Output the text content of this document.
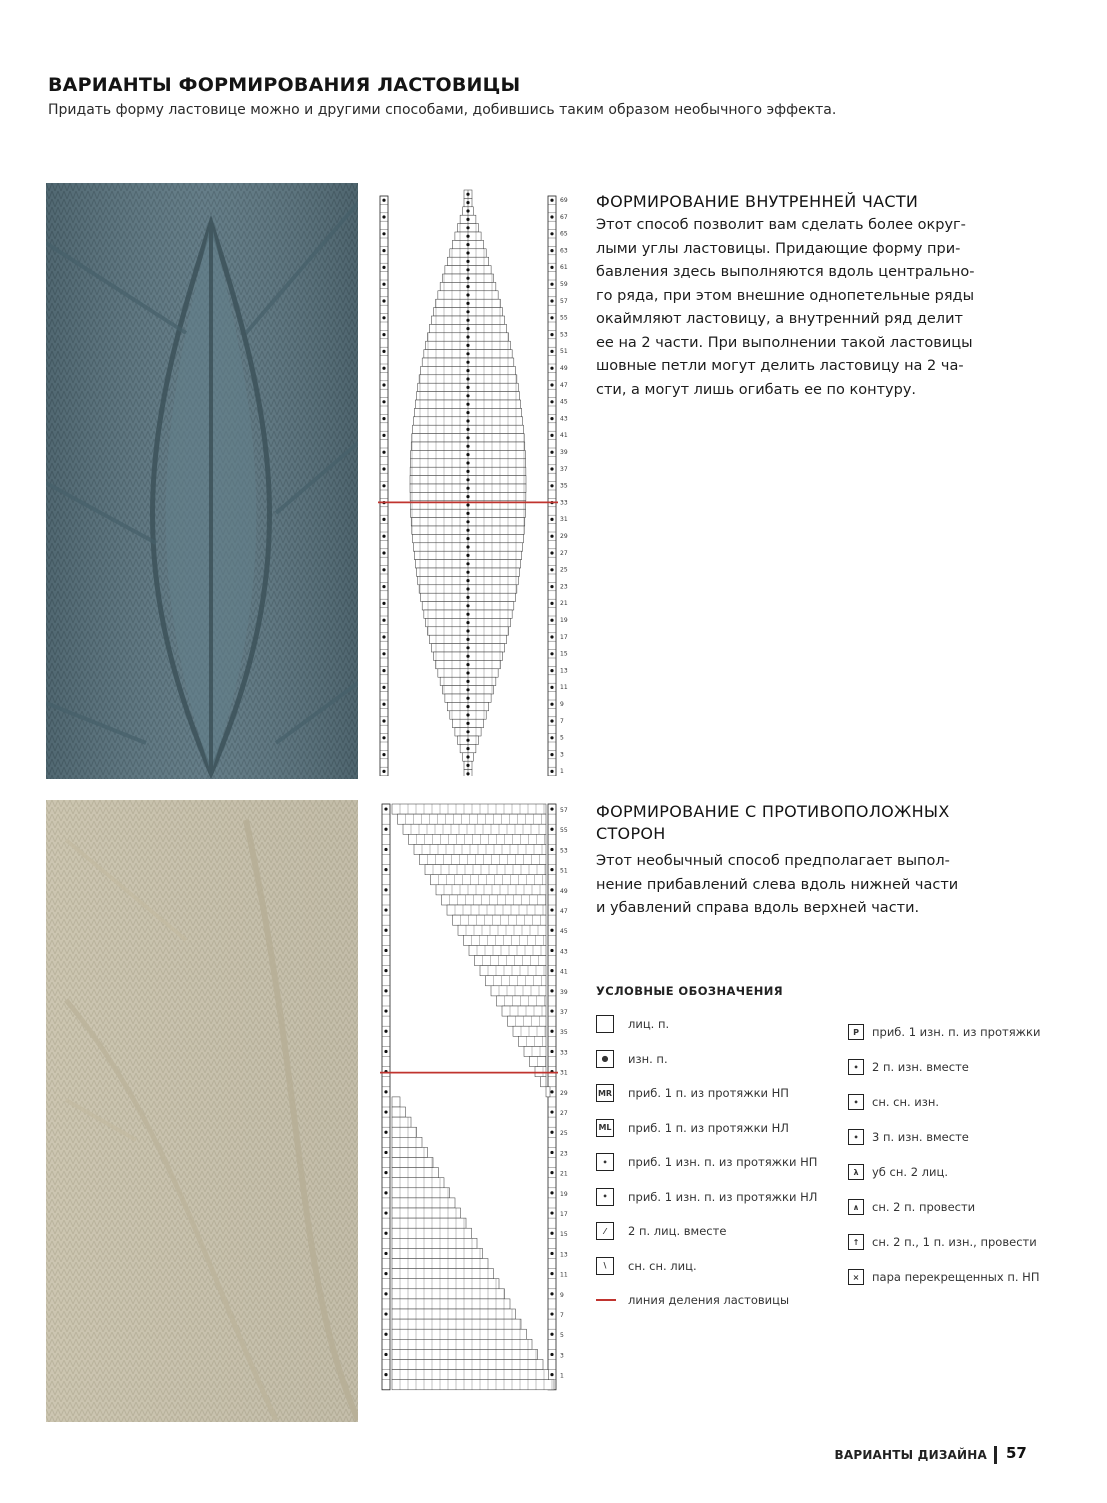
ВАРИАНТЫ ФОРМИРОВАНИЯ ЛАСТОВИЦЫ
Придать форму ластовице можно и другими способами, добившись таким образом необычного эффекта.
69
67
65
63
61
59
57
55
53
51
49
47
45
43
41
39
37
35
33
31
29
27
25
23
21
19
17
15
13
11
9
7
5
3
1
ФОРМИРОВАНИЕ ВНУТРЕННЕЙ ЧАСТИ
Этот способ позволит вам сделать более округ-
лыми углы ластовицы. Придающие форму при-
бавления здесь выполняются вдоль центрально-
го ряда, при этом внешние однопетельные ряды
окаймляют ластовицу, а внутренний ряд делит
ее на 2 части. При выполнении такой ластовицы
шовные петли могут делить ластовицу на 2 ча-
сти, а могут лишь огибать ее по контуру.
57
55
53
51
49
47
45
43
41
39
37
35
33
31
29
27
25
23
21
19
17
15
13
11
9
7
5
3
1
ФОРМИРОВАНИЕ С ПРОТИВОПОЛОЖНЫХ
СТОРОН
Этот необычный способ предполагает выпол-
нение прибавлений слева вдоль нижней части
и убавлений справа вдоль верхней части.
УСЛОВНЫЕ ОБОЗНАЧЕНИЯ
лиц. п.
●	изн. п.
MR приб. 1 п. из протяжки НП
ML приб. 1 п. из протяжки НЛ
•	приб. 1 изн. п. из протяжки НП
•	приб. 1 изн. п. из протяжки НЛ
⁄	2 п. лиц. вместе
\	сн. сн. лиц.
линия деления ластовицы
P	приб. 1 изн. п. из протяжки
•	2 п. изн. вместе
•	сн. сн. изн.
•	3 п. изн. вместе
λ	уб сн. 2 лиц.
∧	сн. 2 п. провести
↑	сн. 2 п., 1 п. изн., провести
⨯	пара перекрещенных п. НП
ВАРИАНТЫ ДИЗАЙНА 57
